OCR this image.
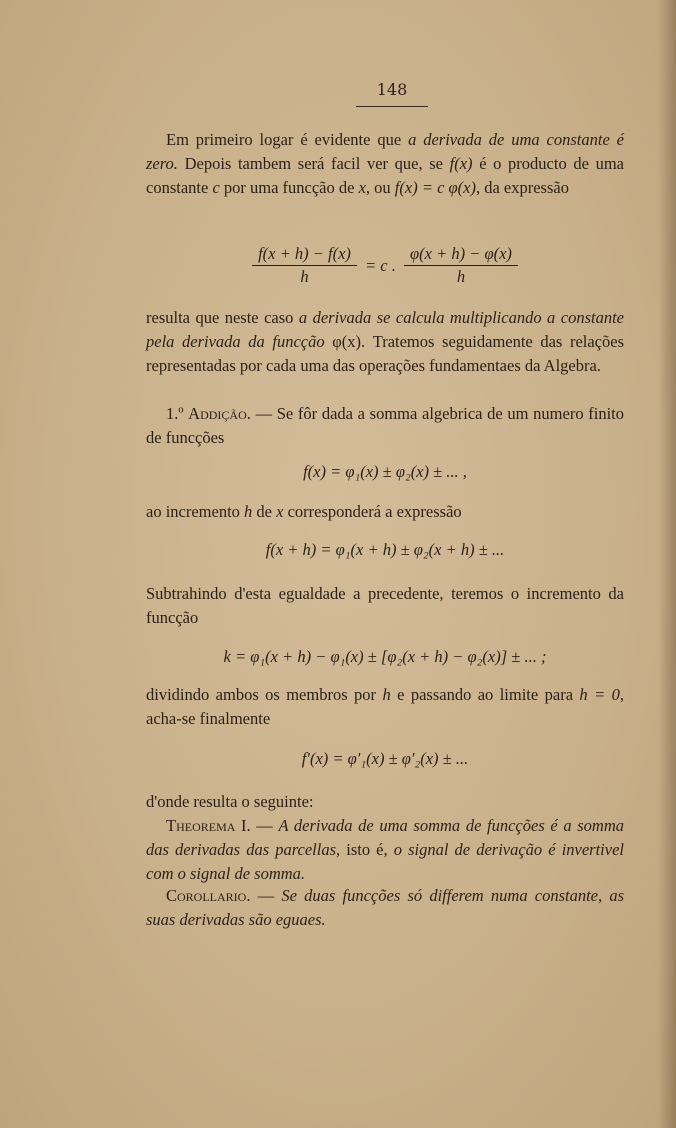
148

Em primeiro logar é evidente que a derivada de uma constante é zero. Depois tambem será facil ver que, se f(x) é o producto de uma constante c por uma funcção de x, ou f(x) = c φ(x), da expressão

$\frac{f(x + h) - f(x)}{h} = c$ . $\frac{\varphi(x + h) - \varphi(x)}{h}$

resulta que neste caso a derivada se calcula multiplicando a constante pela derivada da funcção φ(x). Tratemos seguidamente das relações representadas por cada uma das operações fundamentaes da Algebra.

1.º Addição. — Se fôr dada a somma algebrica de um numero finito de funcções

f(x) = φ₁(x) ± φ₂(x) ± ... ,

ao incremento h de x corresponderá a expressão

f(x + h) = φ₁(x + h) ± φ₂(x + h) ± ...

Subtrahindo d'esta egualdade a precedente, teremos o incremento da funcção

k = φ₁(x + h) − φ₁(x) ± [φ₂(x + h) − φ₂(x)] ± ... ;

dividindo ambos os membros por h e passando ao limite para h = 0, acha-se finalmente

f′(x) = φ′₁(x) ± φ′₂(x) ± ...

d'onde resulta o seguinte:

Theorema I. — A derivada de uma somma de funcções é a somma das derivadas das parcellas, isto é, o signal de derivação é invertivel com o signal de somma.

Corollario. — Se duas funcções só differem numa constante, as suas derivadas são eguaes.
